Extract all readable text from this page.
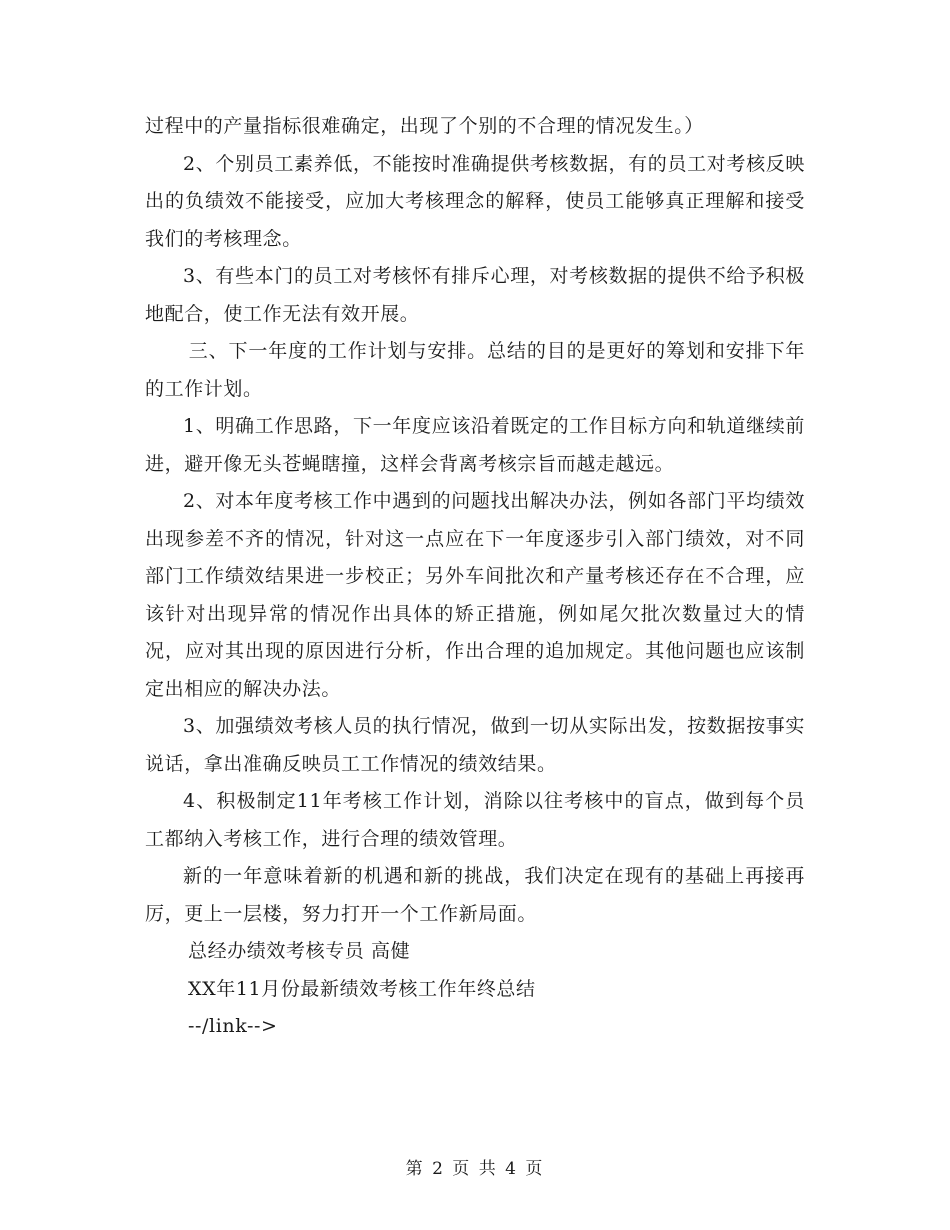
过程中的产量指标很难确定，出现了个别的不合理的情况发生。）

2、个别员工素养低，不能按时准确提供考核数据，有的员工对考核反映出的负绩效不能接受，应加大考核理念的解释，使员工能够真正理解和接受我们的考核理念。

3、有些本门的员工对考核怀有排斥心理，对考核数据的提供不给予积极地配合，使工作无法有效开展。

三、下一年度的工作计划与安排。总结的目的是更好的筹划和安排下年的工作计划。

1、明确工作思路，下一年度应该沿着既定的工作目标方向和轨道继续前进，避开像无头苍蝇瞎撞，这样会背离考核宗旨而越走越远。

2、对本年度考核工作中遇到的问题找出解决办法，例如各部门平均绩效出现参差不齐的情况，针对这一点应在下一年度逐步引入部门绩效，对不同部门工作绩效结果进一步校正；另外车间批次和产量考核还存在不合理，应该针对出现异常的情况作出具体的矫正措施，例如尾欠批次数量过大的情况，应对其出现的原因进行分析，作出合理的追加规定。其他问题也应该制定出相应的解决办法。

3、加强绩效考核人员的执行情况，做到一切从实际出发，按数据按事实说话，拿出准确反映员工工作情况的绩效结果。

4、积极制定11年考核工作计划，消除以往考核中的盲点，做到每个员工都纳入考核工作，进行合理的绩效管理。

新的一年意味着新的机遇和新的挑战，我们决定在现有的基础上再接再厉，更上一层楼，努力打开一个工作新局面。

总经办绩效考核专员 高健

XX年11月份最新绩效考核工作年终总结

--/link-->

第 2 页 共 4 页
